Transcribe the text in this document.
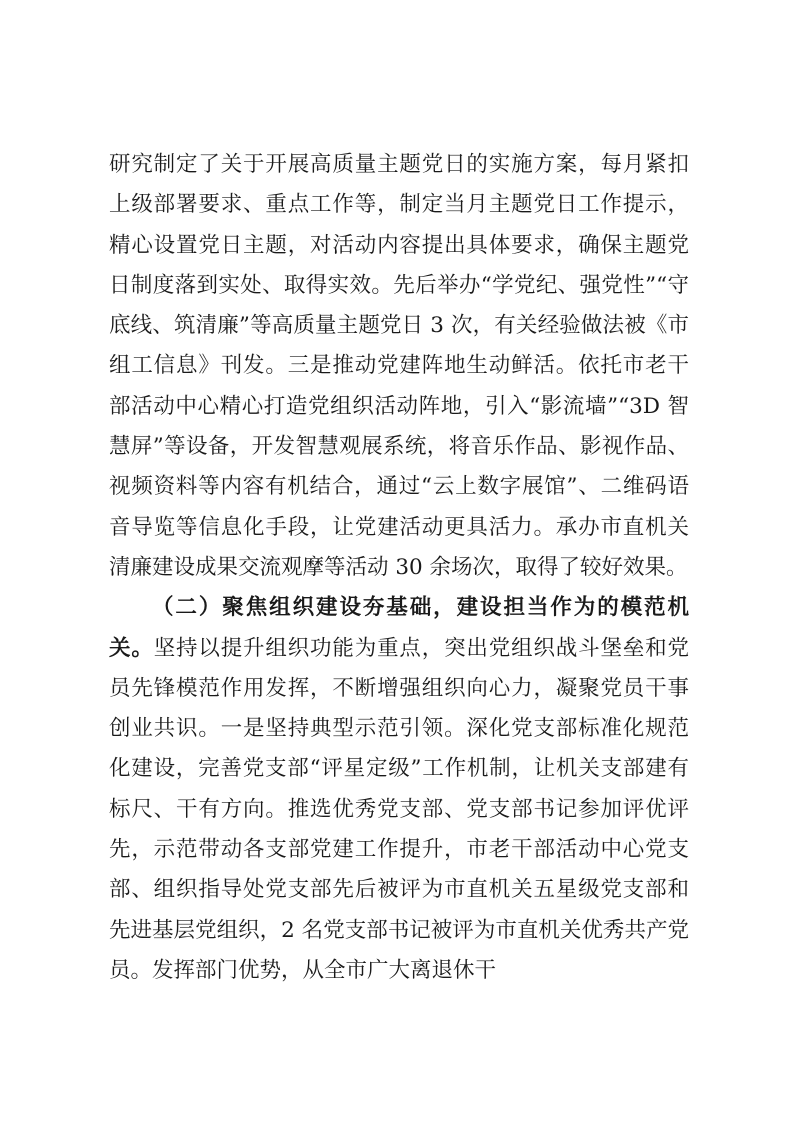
研究制定了关于开展高质量主题党日的实施方案，每月紧扣上级部署要求、重点工作等，制定当月主题党日工作提示，精心设置党日主题，对活动内容提出具体要求，确保主题党日制度落到实处、取得实效。先后举办“学党纪、强党性”“守底线、筑清廉”等高质量主题党日 3 次，有关经验做法被《市组工信息》刊发。三是推动党建阵地生动鲜活。依托市老干部活动中心精心打造党组织活动阵地，引入“影流墙”“3D 智慧屏”等设备，开发智慧观展系统，将音乐作品、影视作品、视频资料等内容有机结合，通过“云上数字展馆”、二维码语音导览等信息化手段，让党建活动更具活力。承办市直机关清廉建设成果交流观摩等活动 30 余场次，取得了较好效果。

（二）聚焦组织建设夯基础，建设担当作为的模范机关。坚持以提升组织功能为重点，突出党组织战斗堡垒和党员先锋模范作用发挥，不断增强组织向心力，凝聚党员干事创业共识。一是坚持典型示范引领。深化党支部标准化规范化建设，完善党支部“评星定级”工作机制，让机关支部建有标尺、干有方向。推选优秀党支部、党支部书记参加评优评先，示范带动各支部党建工作提升，市老干部活动中心党支部、组织指导处党支部先后被评为市直机关五星级党支部和先进基层党组织，2 名党支部书记被评为市直机关优秀共产党员。发挥部门优势，从全市广大离退休干
